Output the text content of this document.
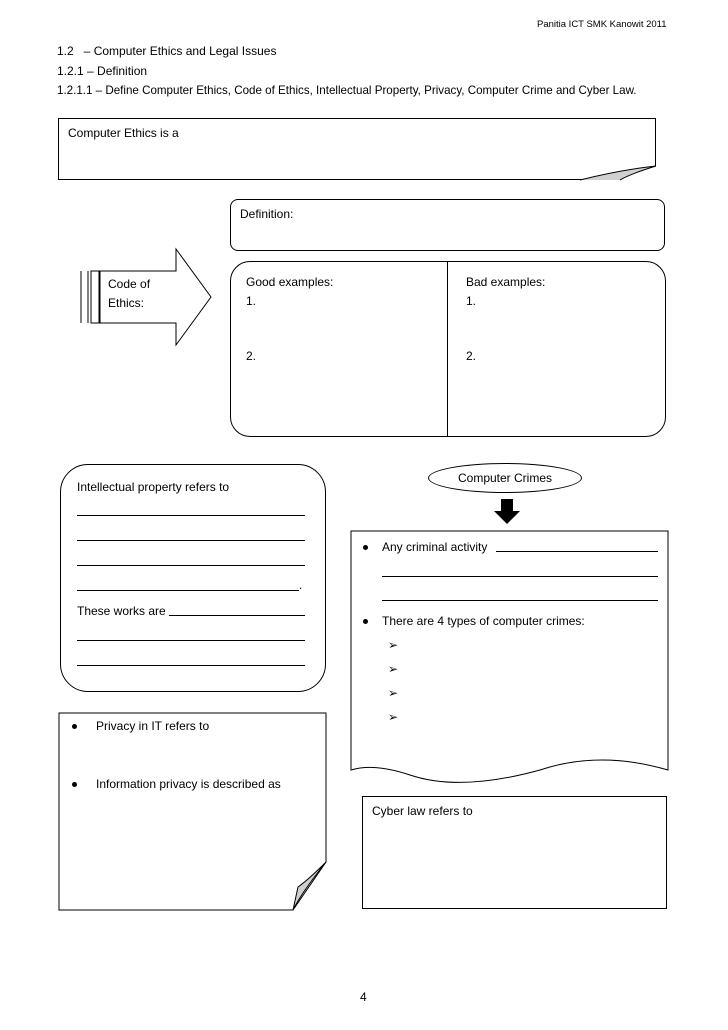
Panitia ICT SMK Kanowit 2011
1.2   – Computer Ethics and Legal Issues
1.2.1 – Definition
1.2.1.1 – Define Computer Ethics, Code of Ethics, Intellectual Property, Privacy, Computer Crime and Cyber Law.
Computer Ethics is a
Definition:
Code of
Ethics:
Good examples:
1.
2.
Bad examples:
1.
2.
Intellectual property refers to
.
These works are
Computer Crimes
Any criminal activity
There are 4 types of computer crimes:
➢
➢
➢
➢
Privacy in IT refers to
Information privacy is described as
Cyber law refers to
4
